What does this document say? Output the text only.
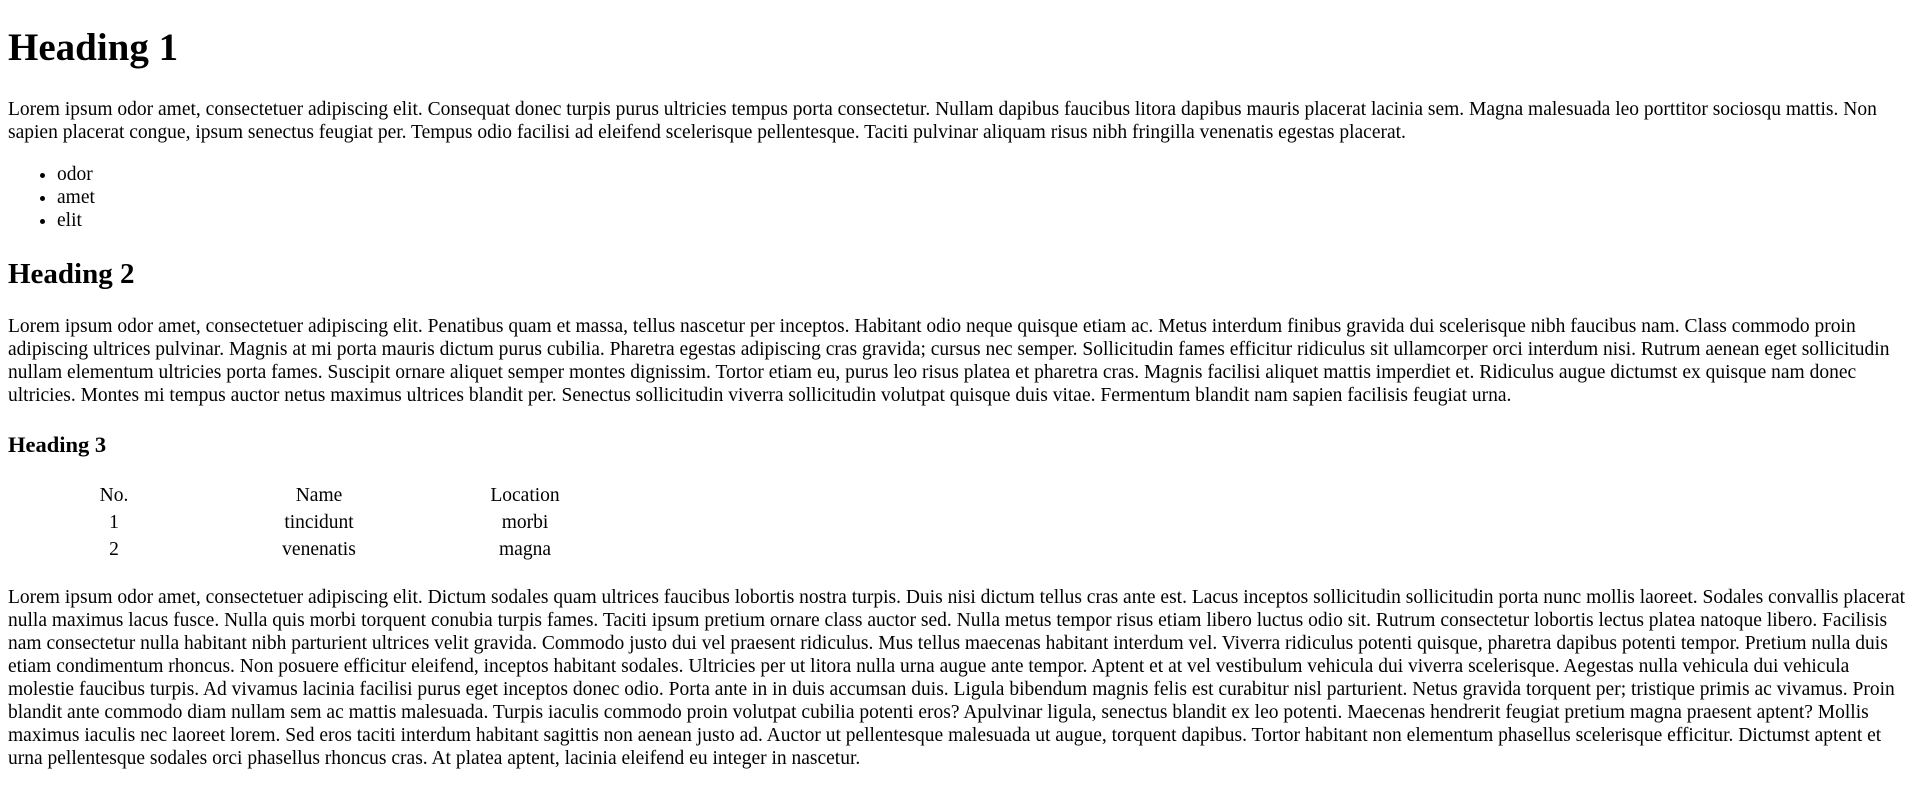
Heading 1

Lorem ipsum odor amet, consectetuer adipiscing elit. Consequat donec turpis purus ultricies tempus porta consectetur. Nullam dapibus faucibus litora dapibus mauris placerat lacinia sem. Magna malesuada leo porttitor sociosqu mattis. Non sapien placerat congue, ipsum senectus feugiat per. Tempus odio facilisi ad eleifend scelerisque pellentesque. Taciti pulvinar aliquam risus nibh fringilla venenatis egestas placerat.

• odor
• amet
• elit
Heading 2

Lorem ipsum odor amet, consectetuer adipiscing elit. Penatibus quam et massa, tellus nascetur per inceptos. Habitant odio neque quisque etiam ac. Metus interdum finibus gravida dui scelerisque nibh faucibus nam. Class commodo proin adipiscing ultrices pulvinar. Magnis at mi porta mauris dictum purus cubilia. Pharetra egestas adipiscing cras gravida; cursus nec semper. Sollicitudin fames efficitur ridiculus sit ullamcorper orci interdum nisi. Rutrum aenean eget sollicitudin nullam elementum ultricies porta fames. Suscipit ornare aliquet semper montes dignissim. Tortor etiam eu, purus leo risus platea et pharetra cras. Magnis facilisi aliquet mattis imperdiet et. Ridiculus augue dictumst ex quisque nam donec ultricies. Montes mi tempus auctor netus maximus ultrices blandit per. Senectus sollicitudin viverra sollicitudin volutpat quisque duis vitae. Fermentum blandit nam sapien facilisis feugiat urna.

Heading 3
No.	Name	Location
1	tincidunt	morbi
2	venenatis	magna

Lorem ipsum odor amet, consectetuer adipiscing elit. Dictum sodales quam ultrices faucibus lobortis nostra turpis. Duis nisi dictum tellus cras ante est. Lacus inceptos sollicitudin sollicitudin porta nunc mollis laoreet. Sodales convallis placerat nulla maximus lacus fusce. Nulla quis morbi torquent conubia turpis fames. Taciti ipsum pretium ornare class auctor sed. Nulla metus tempor risus etiam libero luctus odio sit. Rutrum consectetur lobortis lectus platea natoque libero. Facilisis nam consectetur nulla habitant nibh parturient ultrices velit gravida. Commodo justo dui vel praesent ridiculus. Mus tellus maecenas habitant interdum vel. Viverra ridiculus potenti quisque, pharetra dapibus potenti tempor. Pretium nulla duis etiam condimentum rhoncus. Non posuere efficitur eleifend, inceptos habitant sodales. Ultricies per ut litora nulla urna augue ante tempor. Aptent et at vel vestibulum vehicula dui viverra scelerisque. Aegestas nulla vehicula dui vehicula molestie faucibus turpis. Ad vivamus lacinia facilisi purus eget inceptos donec odio. Porta ante in in duis accumsan duis. Ligula bibendum magnis felis est curabitur nisl parturient. Netus gravida torquent per; tristique primis ac vivamus. Proin blandit ante commodo diam nullam sem ac mattis malesuada. Turpis iaculis commodo proin volutpat cubilia potenti eros? Apulvinar ligula, senectus blandit ex leo potenti. Maecenas hendrerit feugiat pretium magna praesent aptent? Mollis maximus iaculis nec laoreet lorem. Sed eros taciti interdum habitant sagittis non aenean justo ad. Auctor ut pellentesque malesuada ut augue, torquent dapibus. Tortor habitant non elementum phasellus scelerisque efficitur. Dictumst aptent et urna pellentesque sodales orci phasellus rhoncus cras. At platea aptent, lacinia eleifend eu integer in nascetur.
